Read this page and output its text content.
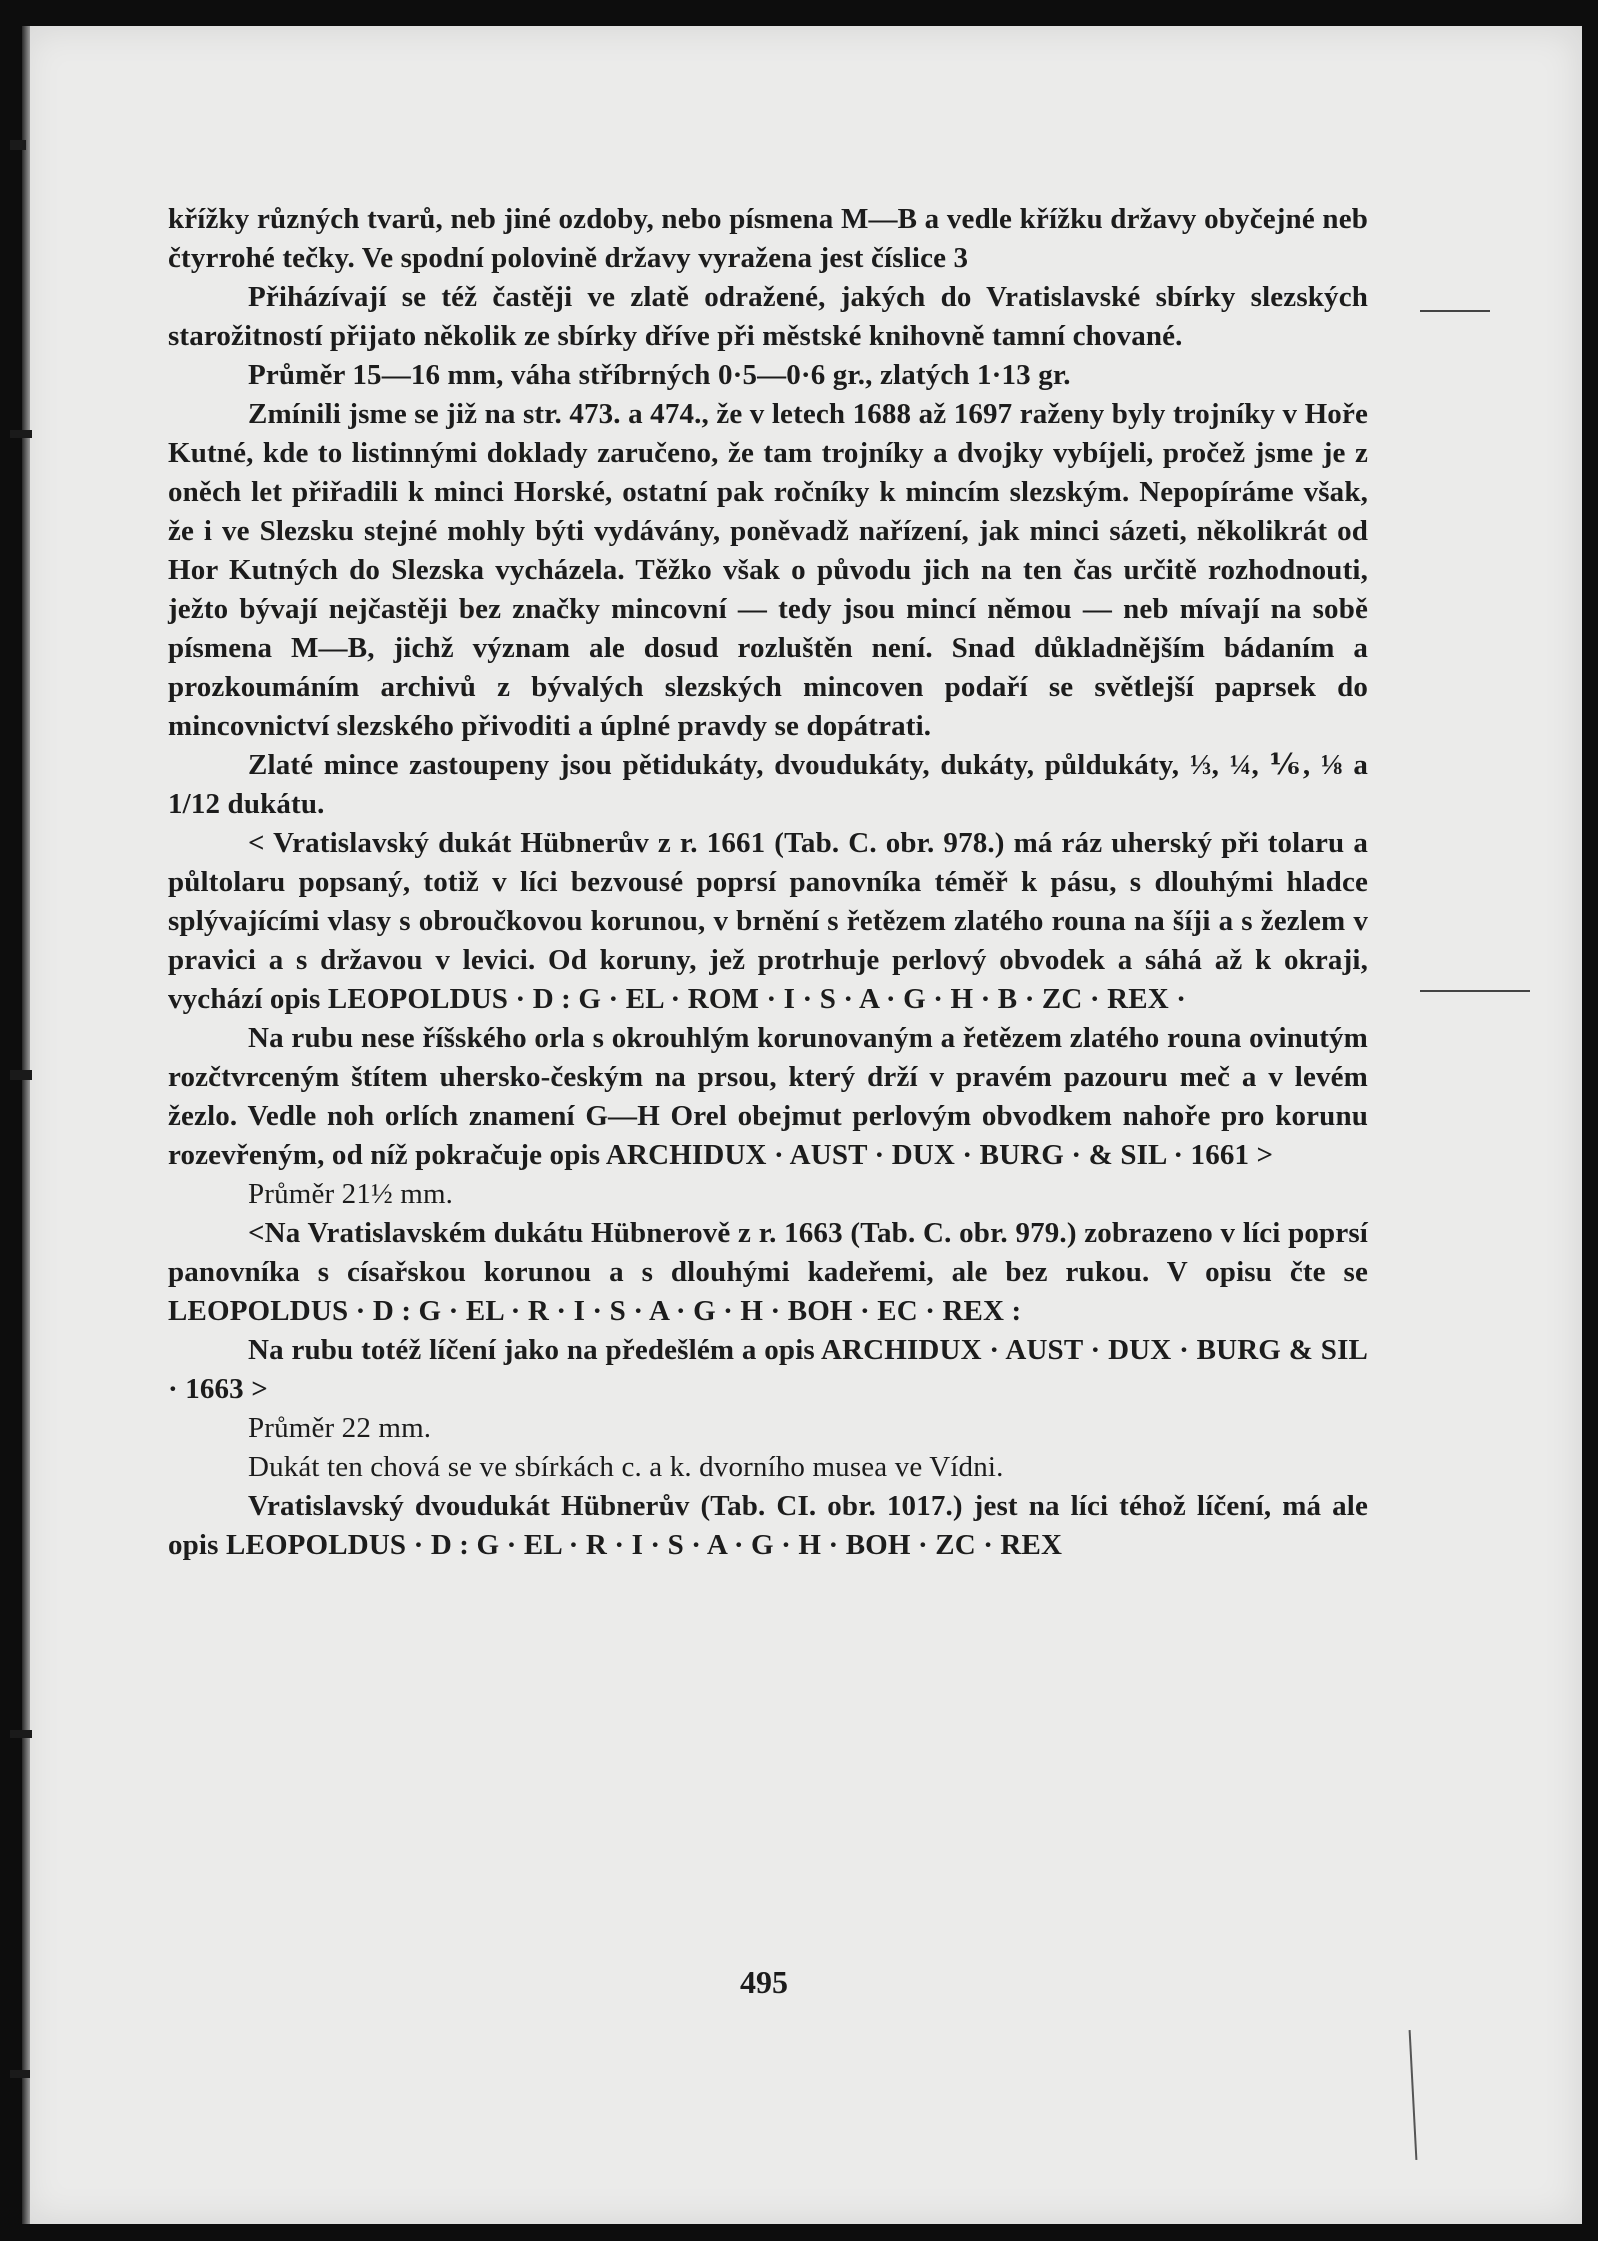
křížky různých tvarů, neb jiné ozdoby, nebo písmena M—B a vedle křížku državy obyčejné neb čtyrrohé tečky. Ve spodní polovině državy vyražena jest číslice 3

Přiházívají se též častěji ve zlatě odražené, jakých do Vratislavské sbírky slezských starožitností přijato několik ze sbírky dříve při městské knihovně tamní chované.

Průměr 15—16 mm, váha stříbrných 0·5—0·6 gr., zlatých 1·13 gr.

Zmínili jsme se již na str. 473. a 474., že v letech 1688 až 1697 raženy byly trojníky v Hoře Kutné, kde to listinnými doklady zaručeno, že tam trojníky a dvojky vybíjeli, pročež jsme je z oněch let přiřadili k minci Horské, ostatní pak ročníky k mincím slezským. Nepopíráme však, že i ve Slezsku stejné mohly býti vydávány, poněvadž nařízení, jak minci sázeti, několikrát od Hor Kutných do Slezska vycházela. Těžko však o původu jich na ten čas určitě rozhodnouti, ježto bývají nejčastěji bez značky mincovní — tedy jsou mincí němou — neb mívají na sobě písmena M—B, jichž význam ale dosud rozluštěn není. Snad důkladnějším bádaním a prozkoumáním archivů z bývalých slezských mincoven podaří se světlejší paprsek do mincovnictví slezského přivoditi a úplné pravdy se dopátrati.

Zlaté mince zastoupeny jsou pětidukáty, dvoudukáty, dukáty, půldukáty, ⅓, ¼, ⅙, ⅛ a 1/12 dukátu.

< Vratislavský dukát Hübnerův z r. 1661 (Tab. C. obr. 978.) má ráz uherský při tolaru a půltolaru popsaný, totiž v líci bezvousé poprsí panovníka téměř k pásu, s dlouhými hladce splývajícími vlasy s obroučkovou korunou, v brnění s řetězem zlatého rouna na šíji a s žezlem v pravici a s državou v levici. Od koruny, jež protrhuje perlový obvodek a sáhá až k okraji, vychází opis LEOPOLDUS · D : G · EL · ROM · I · S · A · G · H · B · ZC · REX ·

Na rubu nese říšského orla s okrouhlým korunovaným a řetězem zlatého rouna ovinutým rozčtvrceným štítem uhersko-českým na prsou, který drží v pravém pazouru meč a v levém žezlo. Vedle noh orlích znamení G—H Orel obejmut perlovým obvodkem nahoře pro korunu rozevřeným, od níž pokračuje opis ARCHIDUX · AUST · DUX · BURG · & SIL · 1661 >

Průměr 21½ mm.

<Na Vratislavském dukátu Hübnerově z r. 1663 (Tab. C. obr. 979.) zobrazeno v líci poprsí panovníka s císařskou korunou a s dlouhými kadeřemi, ale bez rukou. V opisu čte se LEOPOLDUS · D : G · EL · R · I · S · A · G · H · BOH · EC · REX :

Na rubu totéž líčení jako na předešlém a opis ARCHIDUX · AUST · DUX · BURG & SIL · 1663 >

Průměr 22 mm.

Dukát ten chová se ve sbírkách c. a k. dvorního musea ve Vídni.

Vratislavský dvoudukát Hübnerův (Tab. CI. obr. 1017.) jest na líci téhož líčení, má ale opis LEOPOLDUS · D : G · EL · R · I · S · A · G · H · BOH · ZC · REX

495
